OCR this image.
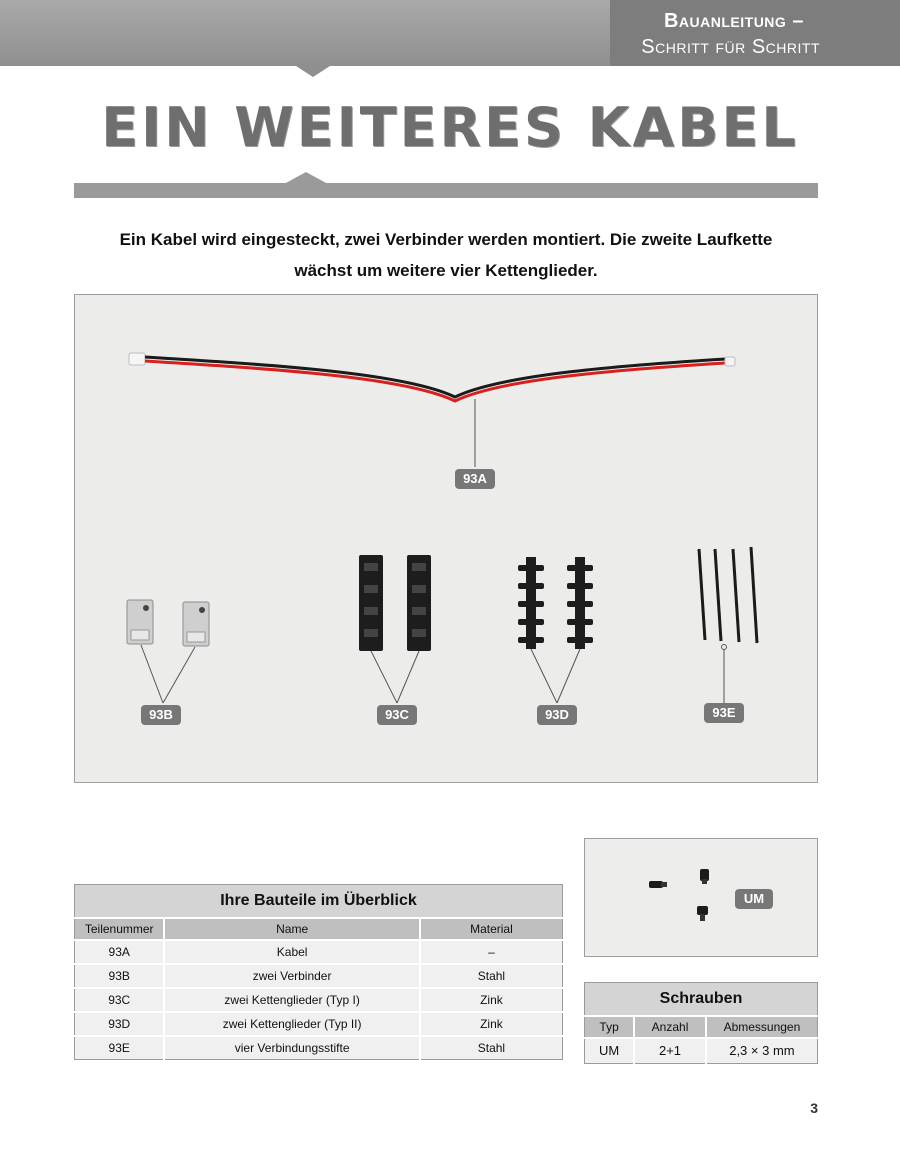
Bauanleitung –
Schritt für Schritt
EIN WEITERES KABEL
Ein Kabel wird eingesteckt, zwei Verbinder werden montiert. Die zweite Laufkette
wächst um weitere vier Kettenglieder.
93A
93B	93C	93D	93E
UM
Ihre Bauteile im Überblick		
Teilenummer	Name	Material
93A	Kabel	–
93B	zwei Verbinder	Stahl
93C	zwei Kettenglieder (Typ I)	Zink
93D	zwei Kettenglieder (Typ II)	Zink
93E	vier Verbindungsstifte	Stahl
Schrauben		
Typ	Anzahl	Abmessungen
UM	2+1	2,3 × 3 mm
3
